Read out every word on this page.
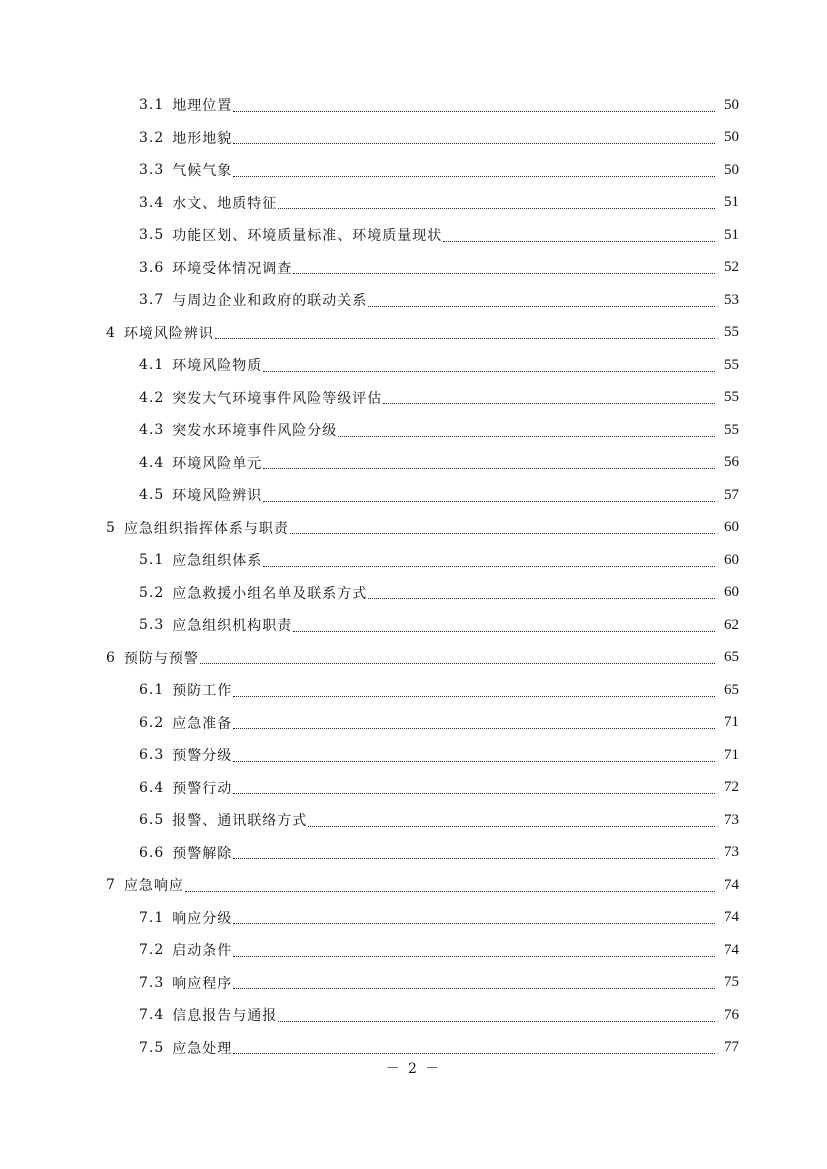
3.1 地理位置	50
3.2 地形地貌	50
3.3 气候气象	50
3.4 水文、地质特征	51
3.5 功能区划、环境质量标准、环境质量现状	51
3.6 环境受体情况调查	52
3.7 与周边企业和政府的联动关系	53
4 环境风险辨识	55
4.1 环境风险物质	55
4.2 突发大气环境事件风险等级评估	55
4.3 突发水环境事件风险分级	55
4.4 环境风险单元	56
4.5 环境风险辨识	57
5 应急组织指挥体系与职责	60
5.1 应急组织体系	60
5.2 应急救援小组名单及联系方式	60
5.3 应急组织机构职责	62
6 预防与预警	65
6.1 预防工作	65
6.2 应急准备	71
6.3 预警分级	71
6.4 预警行动	72
6.5 报警、通讯联络方式	73
6.6 预警解除	73
7 应急响应	74
7.1 响应分级	74
7.2 启动条件	74
7.3 响应程序	75
7.4 信息报告与通报	76
7.5 应急处理	77
－ 2 －
